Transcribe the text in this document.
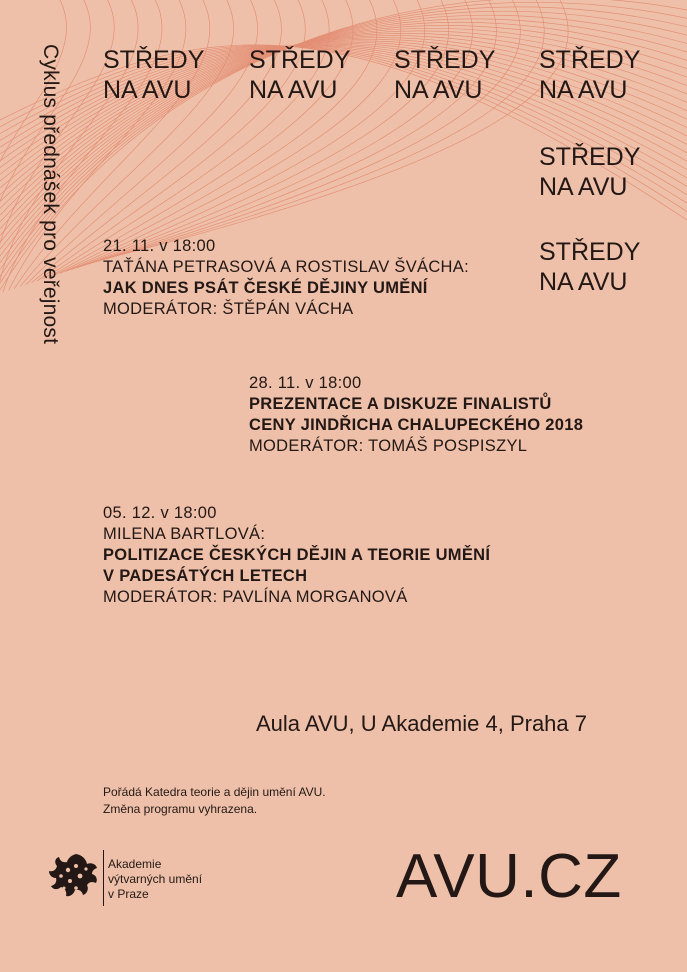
Cyklus přednášek pro veřejnost STŘEDY
NA AVU
STŘEDY
NA AVU
STŘEDY
NA AVU
STŘEDY
NA AVU
STŘEDY
NA AVU
STŘEDY
NA AVU
21. 11. v 18:00
TAŤÁNA PETRASOVÁ A ROSTISLAV ŠVÁCHA:
JAK DNES PSÁT ČESKÉ DĚJINY UMĚNÍ
MODERÁTOR: ŠTĚPÁN VÁCHA
28. 11. v 18:00
PREZENTACE A DISKUZE FINALISTŮ
CENY JINDŘICHA CHALUPECKÉHO 2018
MODERÁTOR: TOMÁŠ POSPISZYL
05. 12. v 18:00
MILENA BARTLOVÁ:
POLITIZACE ČESKÝCH DĚJIN A TEORIE UMĚNÍ
V PADESÁTÝCH LETECH
MODERÁTOR: PAVLÍNA MORGANOVÁ
Aula AVU, U Akademie 4, Praha 7
Pořádá Katedra teorie a dějin umění AVU.
Změna programu vyhrazena.
Akademie
výtvarných umění
v Praze	AVU.CZ
